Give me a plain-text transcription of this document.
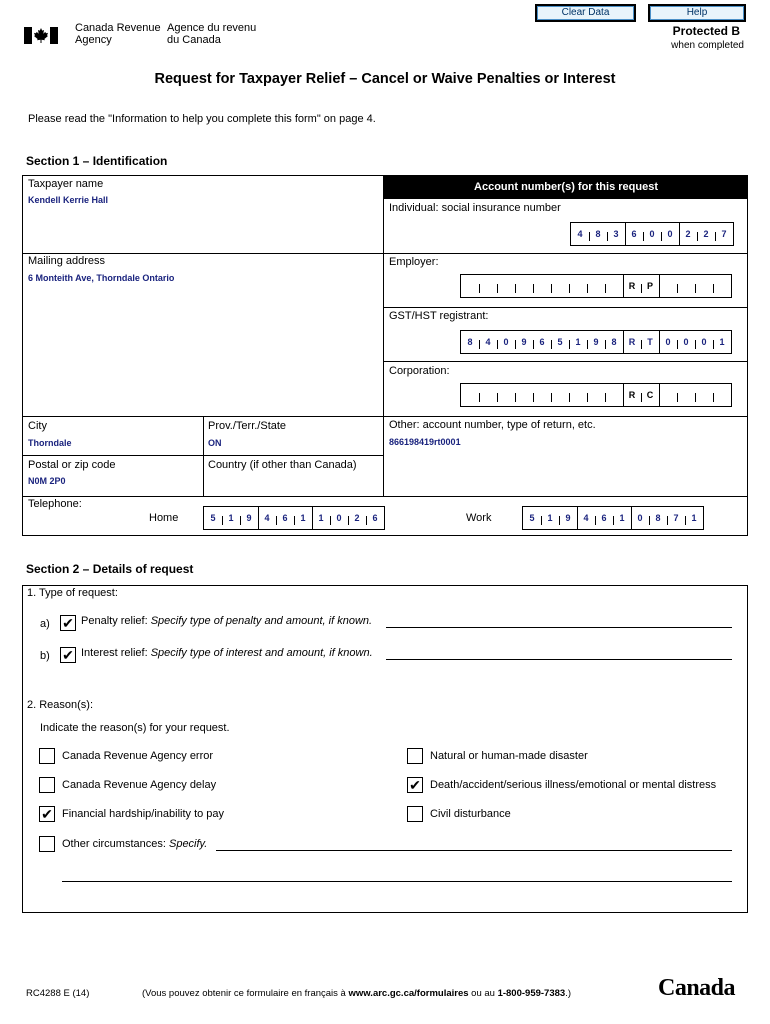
Canada Revenue
Agency
Agence du revenu
du Canada
Clear Data	Help
Protected B
when completed
Request for Taxpayer Relief – Cancel or Waive Penalties or Interest
Please read the "Information to help you complete this form" on page 4.
Section 1 – Identification
Taxpayer name
Kendell Kerrie Hall
Mailing address
6 Monteith Ave, Thorndale Ontario
City
Thorndale
Prov./Terr./State
ON
Postal or zip code
N0M 2P0
Country (if other than Canada)
Telephone:
Home	5	1	9	4	6	1	1	0	2	6	Work	5	1	9	4	6	1	0	8	7	1
Account number(s) for this request
Individual: social insurance number
4	8	3	6	0	0	2	2	7
Employer:
R	P
GST/HST registrant:
8	4	0	9	6	5	1	9	8	R	T	0	0	0	1
Corporation:
R	C
Other: account number, type of return, etc.
866198419rt0001
Section 2 – Details of request
1. Type of request:
a) ✔ Penalty relief: Specify type of penalty and amount, if known.
b) ✔ Interest relief: Specify type of interest and amount, if known.
2. Reason(s):
Indicate the reason(s) for your request.
Canada Revenue Agency error
Canada Revenue Agency delay
✔ Financial hardship/inability to pay
Other circumstances: Specify.
Natural or human-made disaster
✔ Death/accident/serious illness/emotional or mental distress
Civil disturbance
RC4288 E (14)	(Vous pouvez obtenir ce formulaire en français à www.arc.gc.ca/formulaires ou au 1-800-959-7383.)	Canada
